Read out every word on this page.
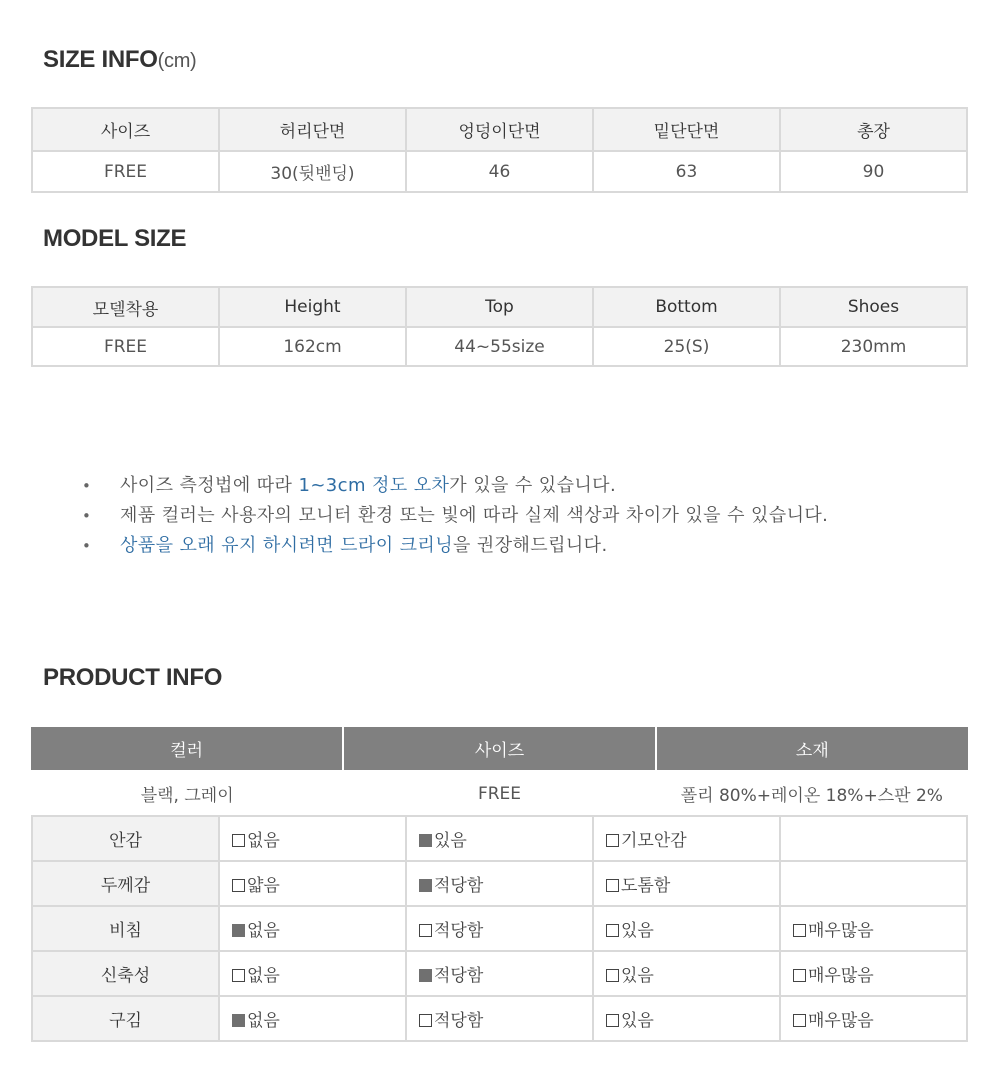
SIZE INFO(cm)
사이즈	허리단면	엉덩이단면	밑단단면	총장
FREE	30(뒷밴딩)	46	63	90
MODEL SIZE
모델착용	Height	Top	Bottom	Shoes
FREE	162cm	44~55size	25(S)	230mm
• 사이즈 측정법에 따라 1~3cm 정도 오차가 있을 수 있습니다.
• 제품 컬러는 사용자의 모니터 환경 또는 빛에 따라 실제 색상과 차이가 있을 수 있습니다.
• 상품을 오래 유지 하시려면 드라이 크리닝을 권장해드립니다.
PRODUCT INFO
컬러	사이즈	소재
블랙, 그레이	FREE	폴리 80%+레이온 18%+스판 2%
안감	없음	있음	기모안감	
두께감	얇음	적당함	도톰함	
비침	없음	적당함	있음	매우많음
신축성	없음	적당함	있음	매우많음
구김	없음	적당함	있음	매우많음
